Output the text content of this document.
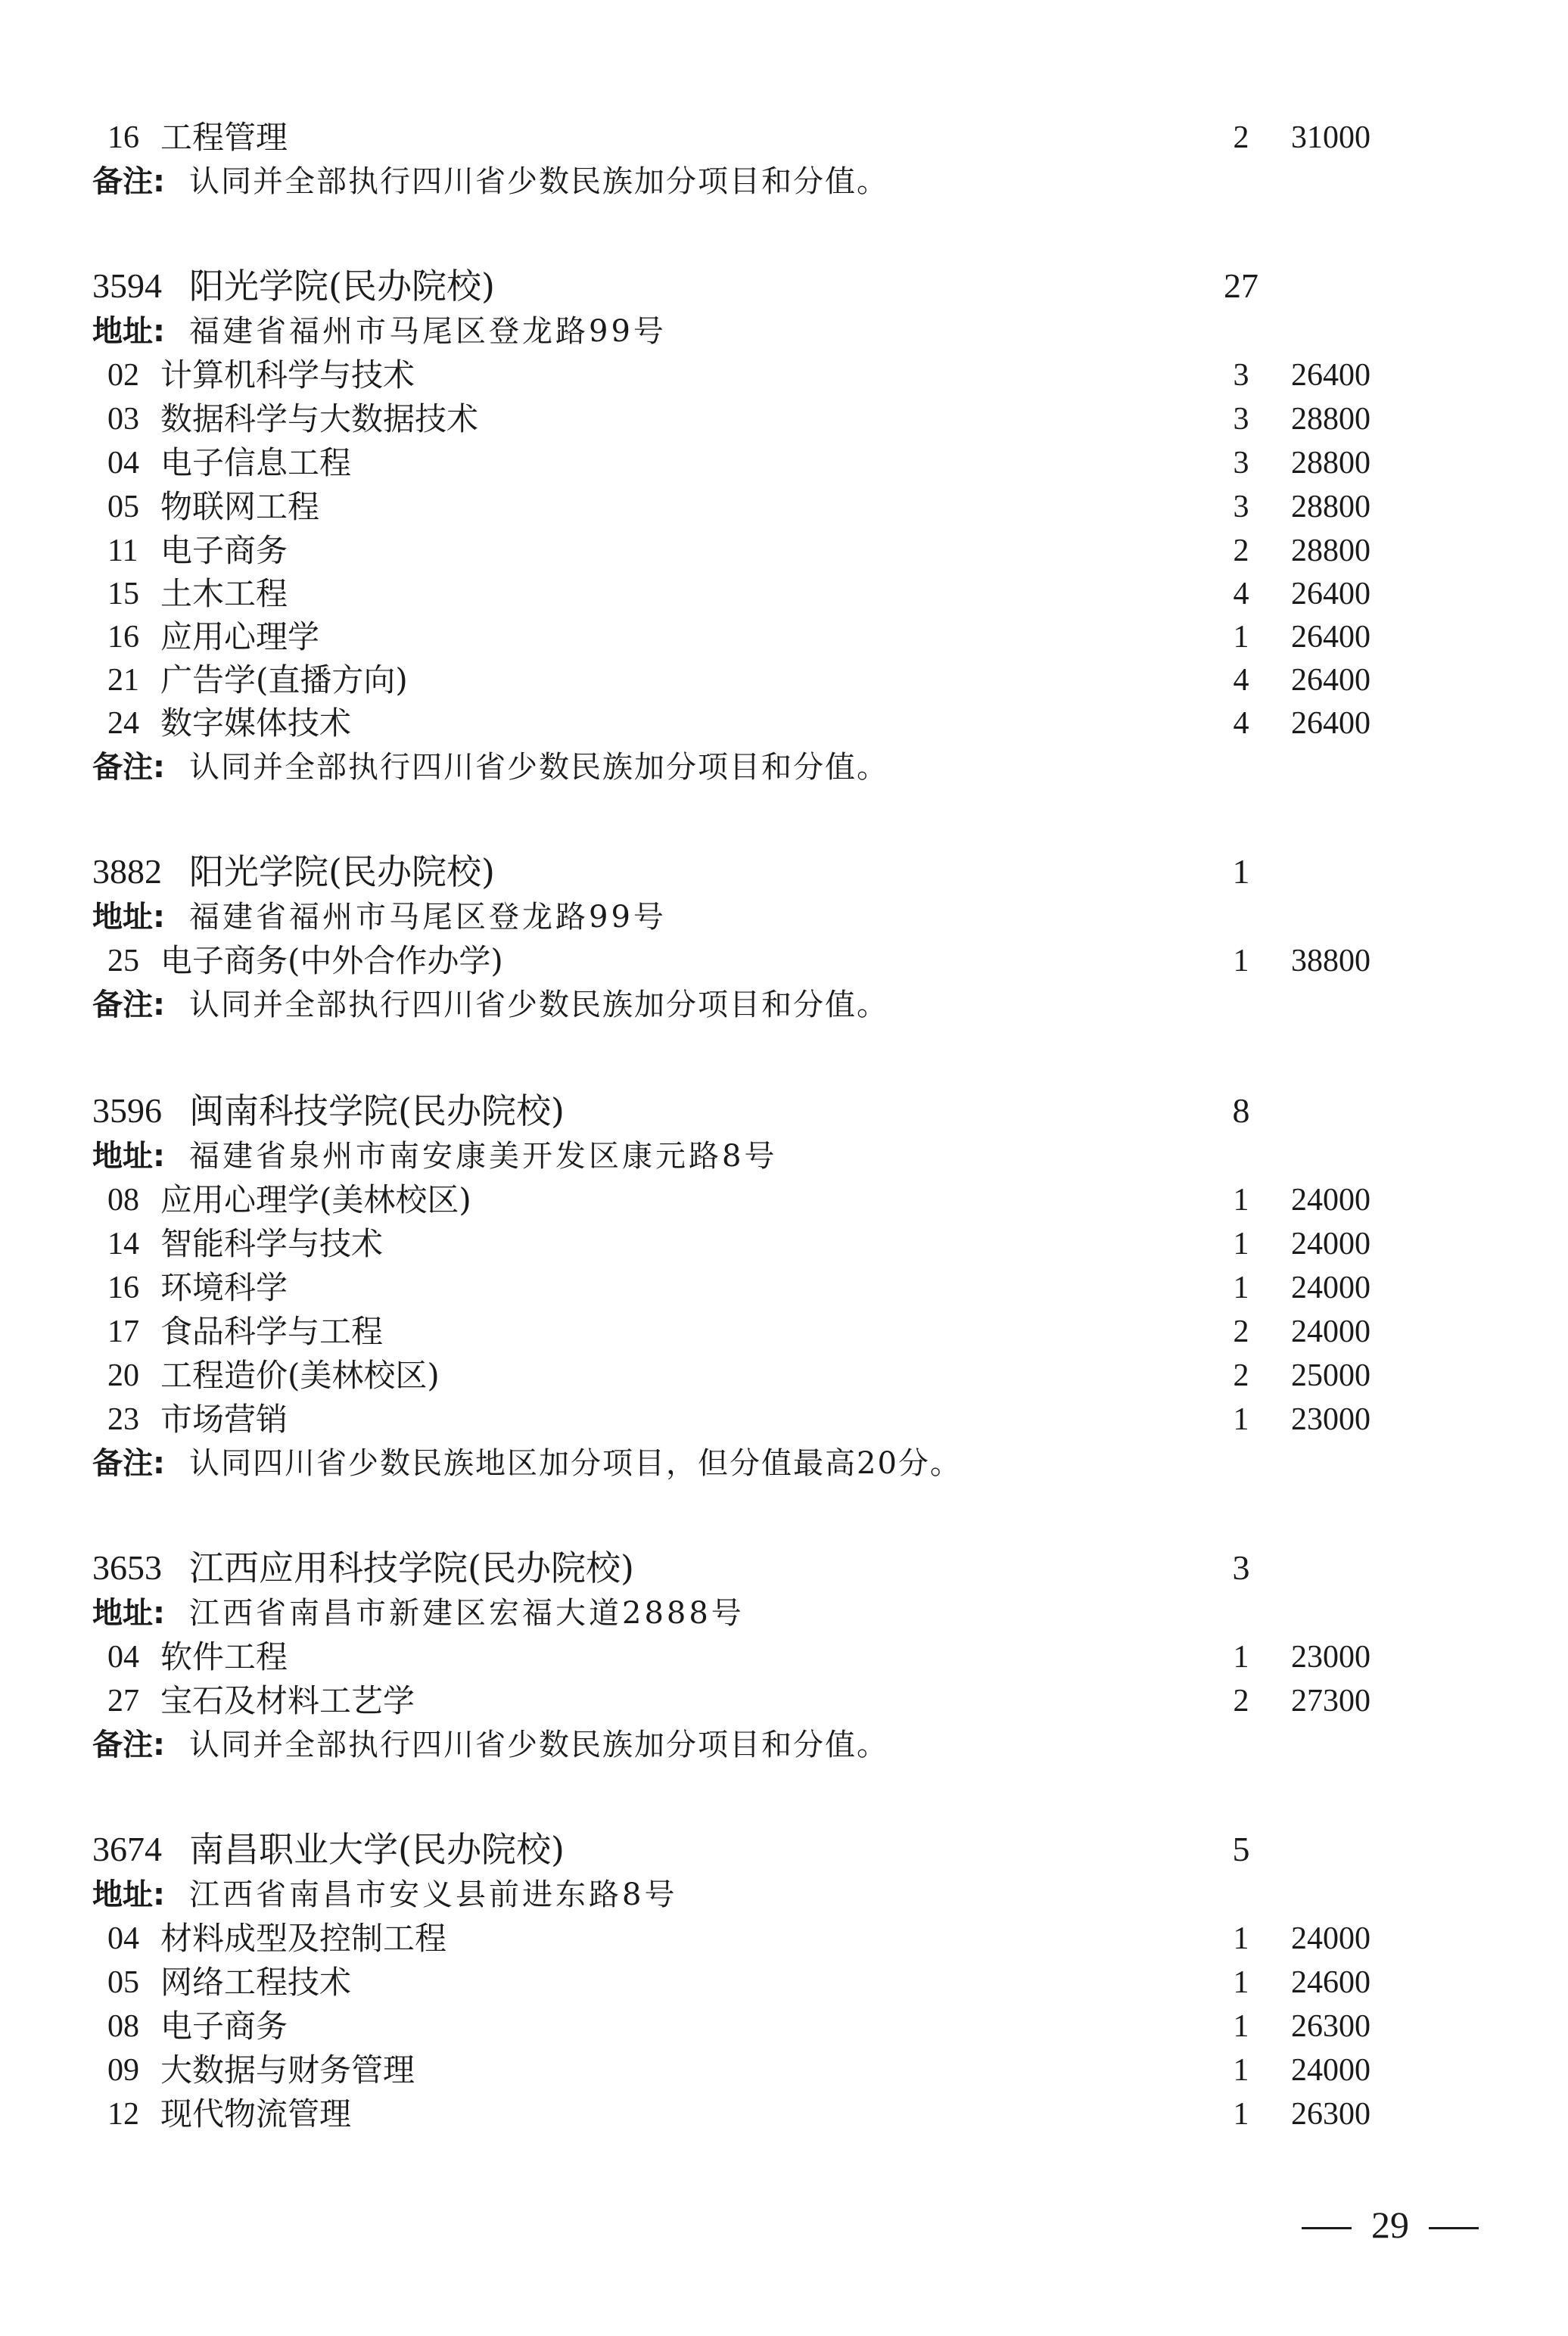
16 工程管理	2 31000
备注: 认同并全部执行四川省少数民族加分项目和分值。
3594 阳光学院(民办院校)	27
地址: 福建省福州市马尾区登龙路99号
02 计算机科学与技术	3 26400
03 数据科学与大数据技术	3 28800
04 电子信息工程	3 28800
05 物联网工程	3 28800
11 电子商务	2 28800
15 土木工程	4 26400
16 应用心理学	1 26400
21 广告学(直播方向)	4 26400
24 数字媒体技术	4 26400
备注: 认同并全部执行四川省少数民族加分项目和分值。
3882 阳光学院(民办院校)	1
地址: 福建省福州市马尾区登龙路99号
25 电子商务(中外合作办学)	1 38800
备注: 认同并全部执行四川省少数民族加分项目和分值。
3596 闽南科技学院(民办院校)	8
地址: 福建省泉州市南安康美开发区康元路8号
08 应用心理学(美林校区)	1 24000
14 智能科学与技术	1 24000
16 环境科学	1 24000
17 食品科学与工程	2 24000
20 工程造价(美林校区)	2 25000
23 市场营销	1 23000
备注: 认同四川省少数民族地区加分项目，但分值最高20分。
3653 江西应用科技学院(民办院校)	3
地址: 江西省南昌市新建区宏福大道2888号
04 软件工程	1 23000
27 宝石及材料工艺学	2 27300
备注: 认同并全部执行四川省少数民族加分项目和分值。
3674 南昌职业大学(民办院校)	5
地址: 江西省南昌市安义县前进东路8号
04 材料成型及控制工程	1 24000
05 网络工程技术	1 24600
08 电子商务	1 26300
09 大数据与财务管理	1 24000
12 现代物流管理	1 26300
29
